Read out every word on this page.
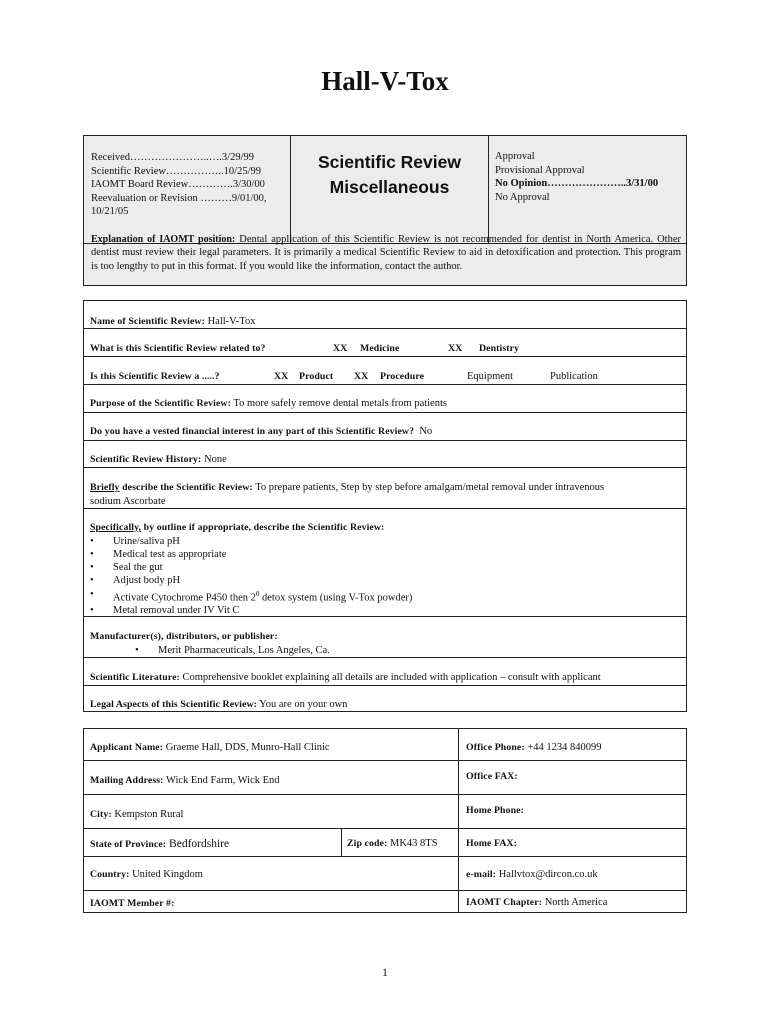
Hall-V-Tox
Received…………………..….3/29/99
Scientific Review……………..10/25/99
IAOMT Board Review………….3/30/00
Reevaluation or Revision ………9/01/00,
10/21/05
Scientific Review
Miscellaneous
Approval
Provisional Approval
No Opinion…………………..3/31/00
No Approval
Explanation of IAOMT position: Dental application of this Scientific Review is not recommended for dentist in North America. Other dentist must review their legal parameters. It is primarily a medical Scientific Review to aid in detoxification and protection. This program is too lengthy to put in this format. If you would like the information, contact the author.
Name of Scientific Review: Hall-V-Tox
What is this Scientific Review related to?	XX Medicine	XX Dentistry
Is this Scientific Review a .....?	XX Product XX Procedure	Equipment	Publication
Purpose of the Scientific Review: To more safely remove dental metals from patients
Do you have a vested financial interest in any part of this Scientific Review? No
Scientific Review History: None
Briefly describe the Scientific Review: To prepare patients, Step by step before amalgam/metal removal under intravenous
sodium Ascorbate
Specifically, by outline if appropriate, describe the Scientific Review:
• Urine/saliva pH
• Medical test as appropriate
• Seal the gut
• Adjust body pH
• Activate Cytochrome P450 then $2^0$ detox system (using V-Tox powder)
• Metal removal under IV Vit C
Manufacturer(s), distributors, or publisher:
• Merit Pharmaceuticals, Los Angeles, Ca.
Scientific Literature: Comprehensive booklet explaining all details are included with application – consult with applicant
Legal Aspects of this Scientific Review: You are on your own
Applicant Name: Graeme Hall, DDS, Munro-Hall Clinic	Office Phone: +44 1234 840099
Mailing Address: Wick End Farm, Wick End	Office FAX:
City: Kempston Rural	Home Phone:
State of Province: Bedfordshire	Zip code: MK43 8TS	Home FAX:
Country: United Kingdom	e-mail: Hallvtox@dircon.co.uk
IAOMT Member #:	IAOMT Chapter: North America
1
